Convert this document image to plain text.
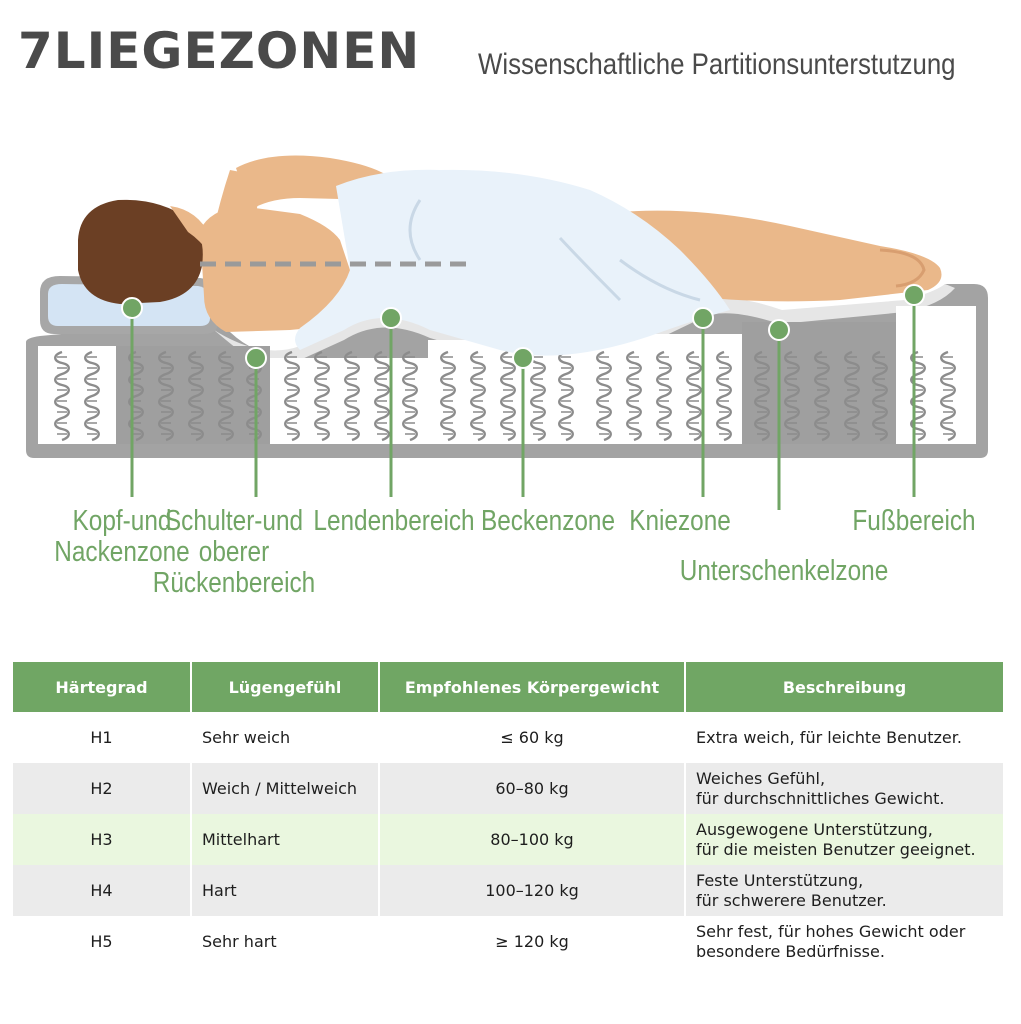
7LIEGEZONEN Wissenschaftliche Partitionsunterstutzung
Kopf-und
Nackenzone
Schulter-und
oberer
Rückenbereich
Lendenbereich Beckenzone Kniezone
Unterschenkelzone
Fußbereich
Härtegrad	Lügengefühl	Empfohlenes Körpergewicht	Beschreibung
H1	Sehr weich	≤ 60 kg	Extra weich, für leichte Benutzer.
H2	Weich / Mittelweich	60–80 kg	Weiches Gefühl,
für durchschnittliches Gewicht.
H3	Mittelhart	80–100 kg	Ausgewogene Unterstützung,
für die meisten Benutzer geeignet.
H4	Hart	100–120 kg	Feste Unterstützung,
für schwerere Benutzer.
H5	Sehr hart	≥ 120 kg	Sehr fest, für hohes Gewicht oder
besondere Bedürfnisse.
